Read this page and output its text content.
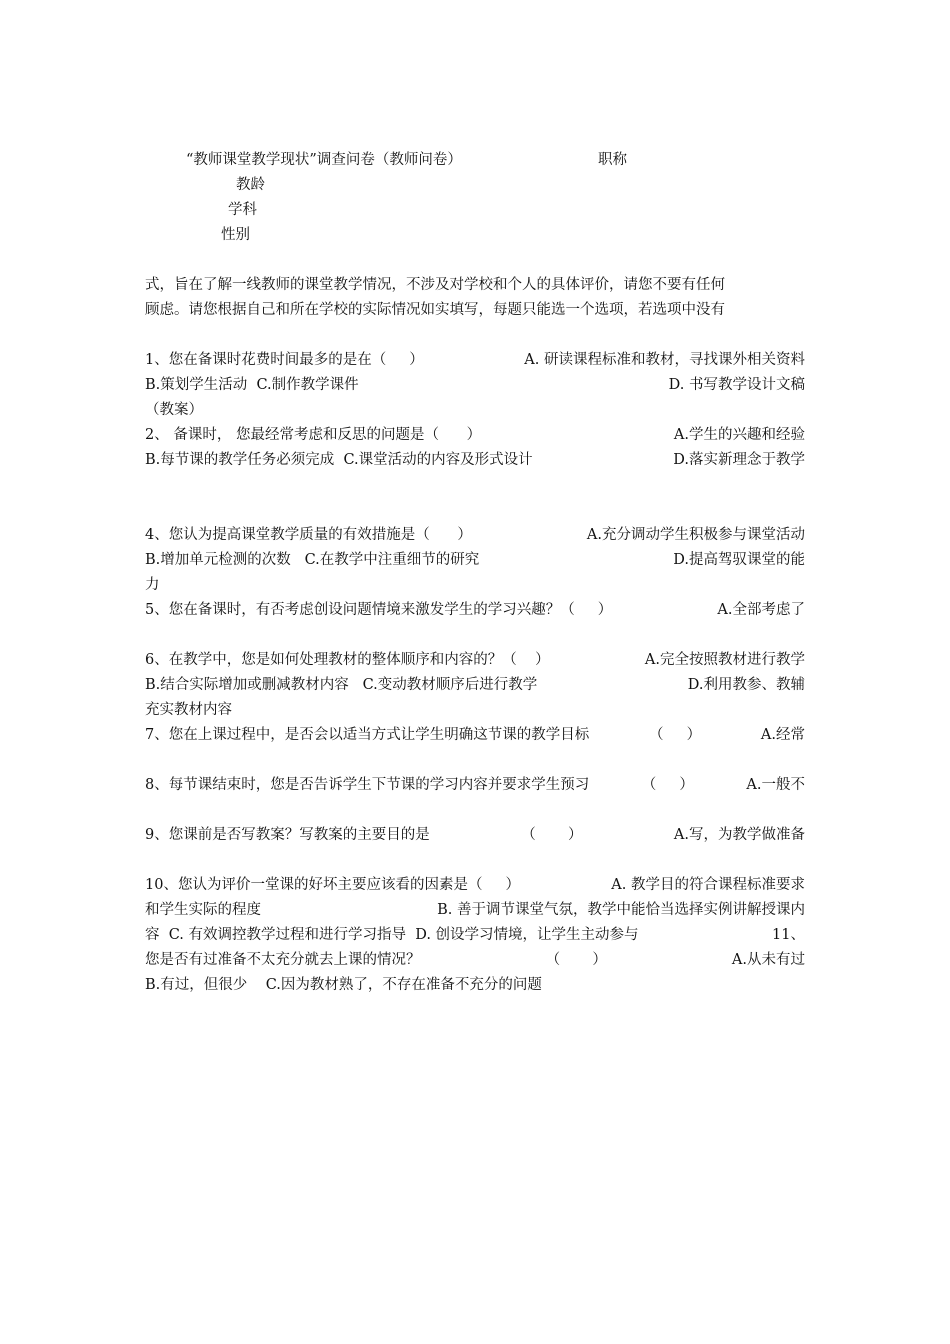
“教师课堂教学现状”调查问卷（教师问卷）	职称
教龄
学科
性别

式，旨在了解一线教师的课堂教学情况，不涉及对学校和个人的具体评价，请您不要有任何
顾虑。请您根据自己和所在学校的实际情况如实填写，每题只能选一个选项，若选项中没有

1、您在备课时花费时间最多的是在（     ）	A. 研读课程标准和教材，寻找课外相关资料
B.策划学生活动  C.制作教学课件	D. 书写教学设计文稿
（教案）
2、 备课时， 您最经常考虑和反思的问题是（      ）	A.学生的兴趣和经验
B.每节课的教学任务必须完成  C.课堂活动的内容及形式设计	D.落实新理念于教学

4、您认为提高课堂教学质量的有效措施是（      ）	A.充分调动学生积极参与课堂活动
B.增加单元检测的次数   C.在教学中注重细节的研究	D.提高驾驭课堂的能
力
5、您在备课时，有否考虑创设问题情境来激发学生的学习兴趣？（     ）	A.全部考虑了

6、在教学中，您是如何处理教材的整体顺序和内容的？（    ）	A.完全按照教材进行教学
B.结合实际增加或删减教材内容   C.变动教材顺序后进行教学	D.利用教参、教辅
充实教材内容
7、您在上课过程中，是否会以适当方式让学生明确这节课的教学目标	（     ）	A.经常

8、每节课结束时，您是否告诉学生下节课的学习内容并要求学生预习	（     ）	A.一般不

9、您课前是否写教案？写教案的主要目的是	（       ）	A.写，为教学做准备

10、您认为评价一堂课的好坏主要应该看的因素是（     ）	A. 教学目的符合课程标准要求
和学生实际的程度	B. 善于调节课堂气氛，教学中能恰当选择实例讲解授课内
容  C. 有效调控教学过程和进行学习指导  D. 创设学习情境，让学生主动参与	11、
您是否有过准备不太充分就去上课的情况？	（       ）	A.从未有过
B.有过，但很少    C.因为教材熟了，不存在准备不充分的问题
